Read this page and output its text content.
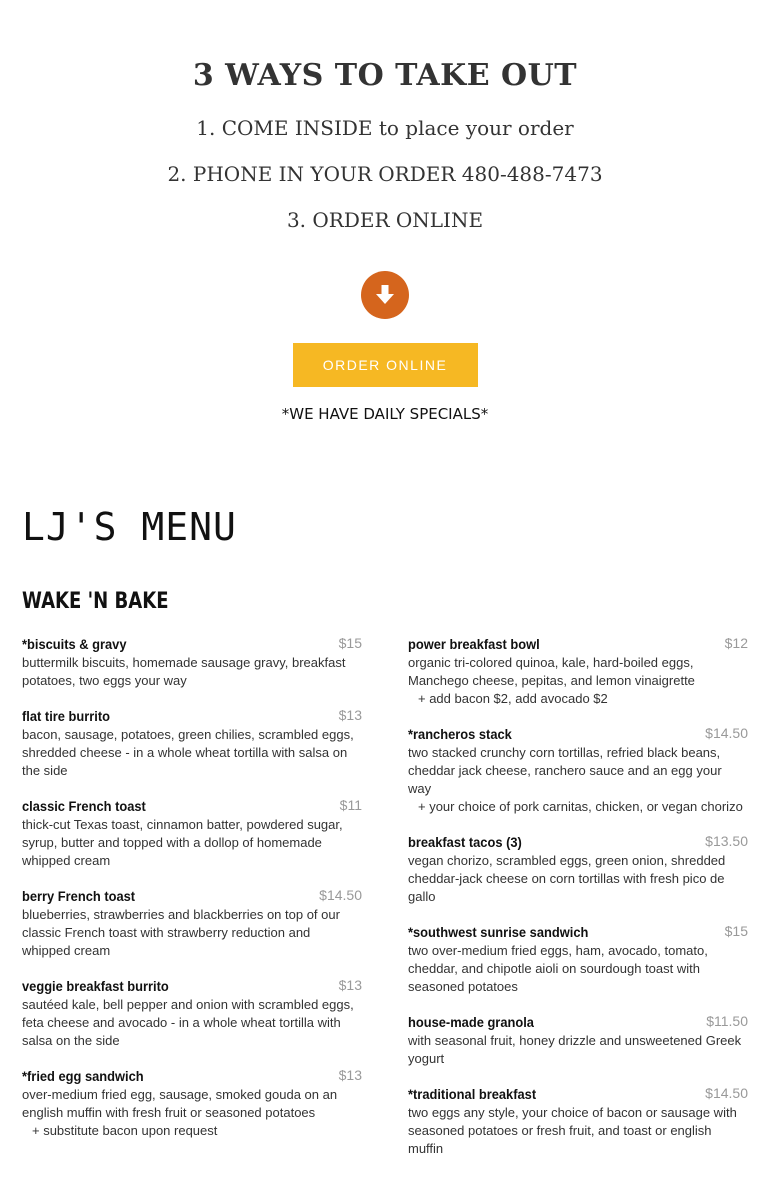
3 WAYS TO TAKE OUT
1. COME INSIDE to place your order
2. PHONE IN YOUR ORDER 480-488-7473
3. ORDER ONLINE
ORDER ONLINE
*WE HAVE DAILY SPECIALS*
LJ'S MENU
WAKE 'N BAKE
*biscuits & gravy	$15
buttermilk biscuits, homemade sausage gravy, breakfast potatoes, two eggs your way
flat tire burrito	$13
bacon, sausage, potatoes, green chilies, scrambled eggs, shredded cheese - in a whole wheat tortilla with salsa on the side
classic French toast	$11
thick-cut Texas toast, cinnamon batter, powdered sugar, syrup, butter and topped with a dollop of homemade whipped cream
berry French toast	$14.50
blueberries, strawberries and blackberries on top of our classic French toast with strawberry reduction and whipped cream
veggie breakfast burrito	$13
sautéed kale, bell pepper and onion with scrambled eggs, feta cheese and avocado - in a whole wheat tortilla with salsa on the side
*fried egg sandwich	$13
over-medium fried egg, sausage, smoked gouda on an english muffin with fresh fruit or seasoned potatoes
+ substitute bacon upon request
power breakfast bowl	$12
organic tri-colored quinoa, kale, hard-boiled eggs, Manchego cheese, pepitas, and lemon vinaigrette
+ add bacon $2, add avocado $2
*rancheros stack	$14.50
two stacked crunchy corn tortillas, refried black beans, cheddar jack cheese, ranchero sauce and an egg your way
+ your choice of pork carnitas, chicken, or vegan chorizo
breakfast tacos (3)	$13.50
vegan chorizo, scrambled eggs, green onion, shredded cheddar-jack cheese on corn tortillas with fresh pico de gallo
*southwest sunrise sandwich	$15
two over-medium fried eggs, ham, avocado, tomato, cheddar, and chipotle aioli on sourdough toast with seasoned potatoes
house-made granola	$11.50
with seasonal fruit, honey drizzle and unsweetened Greek yogurt
*traditional breakfast	$14.50
two eggs any style, your choice of bacon or sausage with seasoned potatoes or fresh fruit, and toast or english muffin
